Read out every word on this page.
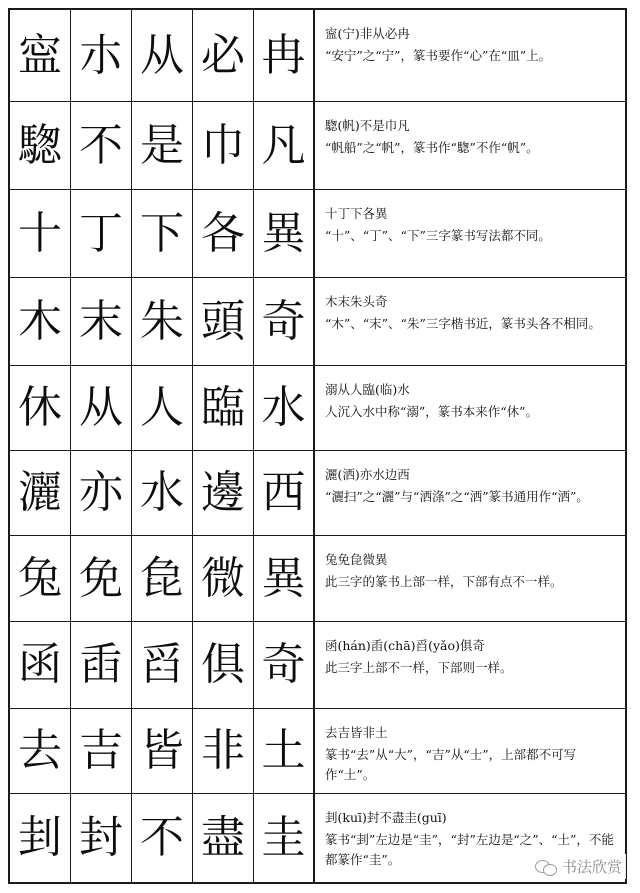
寍 朩 从 必 冉	寍(宁)非从必冉
“安宁”之“宁”，篆书要作“心”在“皿”上。
騘 不 是 巾 凡	騘(帆)不是巾凡
“帆船”之“帆”，篆书作“騘”不作“帆”。
十 丁 下 各 異	十丁下各異
“十”、“丁”、“下”三字篆书写法都不同。
木 末 朱 頭 奇	木末朱头奇
“木”、“末”、“朱”三字楷书近，篆书头各不相同。
休 从 人 臨 水	溺从人臨(临)水
人沉入水中称“溺”，篆书本来作“休”。
灑 亦 水 邊 西	灑(洒)亦水边西
“灑扫”之“灑”与“洒涤”之“洒”篆书通用作“洒”。
兔 免 㲋 微 異	兔免㲋微異
此三字的篆书上部一样，下部有点不一样。
函 臿 舀 俱 奇	函(hán)臿(chā)舀(yǎo)俱奇
此三字上部不一样，下部则一样。
去 吉 皆 非 土	去吉皆非土
篆书“去”从“大”，“吉”从“士”，上部都不可写作“土”。
刲 封 不 盡 圭	刲(kuī)封不盡圭(guī)
篆书“刲”左边是“圭”，“封”左边是“之”、“土”，不能都篆作“圭”。	书法欣赏
